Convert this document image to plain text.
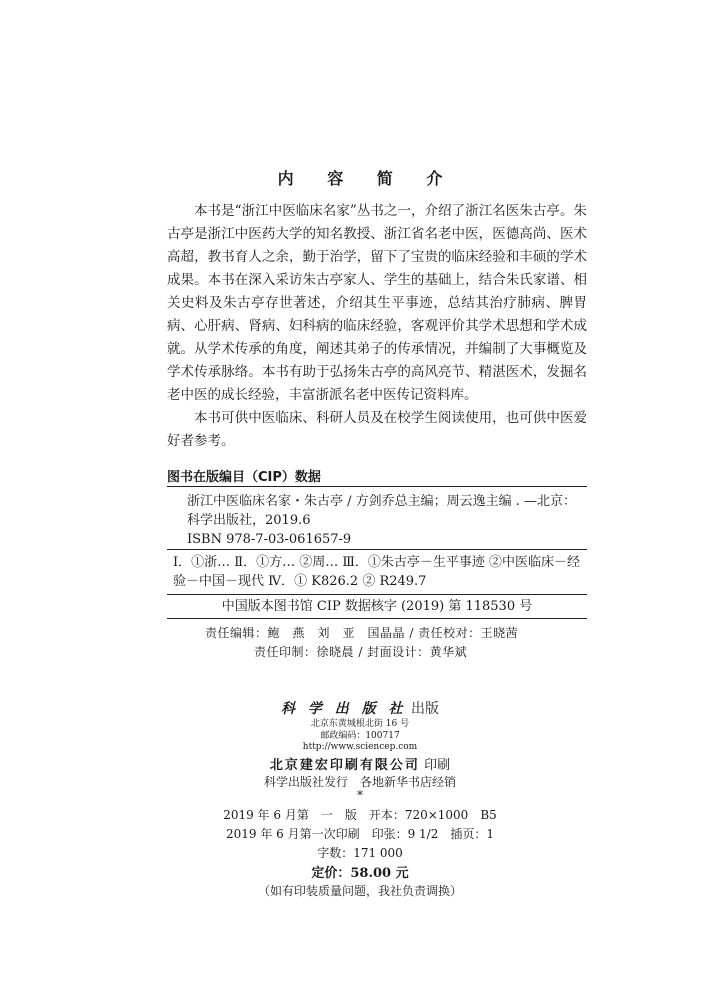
内 容 简 介

本书是“浙江中医临床名家”丛书之一，介绍了浙江名医朱古亭。朱古亭是浙江中医药大学的知名教授、浙江省名老中医，医德高尚、医术高超，教书育人之余，勤于治学，留下了宝贵的临床经验和丰硕的学术成果。本书在深入采访朱古亭家人、学生的基础上，结合朱氏家谱、相关史料及朱古亭存世著述，介绍其生平事迹，总结其治疗肺病、脾胃病、心肝病、肾病、妇科病的临床经验，客观评价其学术思想和学术成就。从学术传承的角度，阐述其弟子的传承情况，并编制了大事概览及学术传承脉络。本书有助于弘扬朱古亭的高风亮节、精湛医术，发掘名老中医的成长经验，丰富浙派名老中医传记资料库。

本书可供中医临床、科研人员及在校学生阅读使用，也可供中医爱好者参考。

图书在版编目（CIP）数据
浙江中医临床名家・朱古亭 / 方剑乔总主编；周云逸主编 . —北京：科学出版社，2019.6
ISBN 978-7-03-061657-9
Ⅰ．①浙… Ⅱ．①方… ②周… Ⅲ．①朱古亭－生平事迹 ②中医临床－经验－中国－现代 Ⅳ．① K826.2 ② R249.7
中国版本图书馆 CIP 数据核字 (2019) 第 118530 号
责任编辑：鲍　燕　刘　亚　国晶晶 / 责任校对：王晓茜
责任印制：徐晓晨 / 封面设计：黄华斌
科 学 出 版 社 出版
北京东黄城根北街 16 号
邮政编码：100717
http://www.sciencep.com
北京建宏印刷有限公司 印刷
科学出版社发行　各地新华书店经销
*
2019 年 6 月第　一　版　开本：720×1000　B5
2019 年 6 月第一次印刷　印张：9 1/2　插页：1
字数：171 000
定价：58.00 元
（如有印装质量问题，我社负责调换）
